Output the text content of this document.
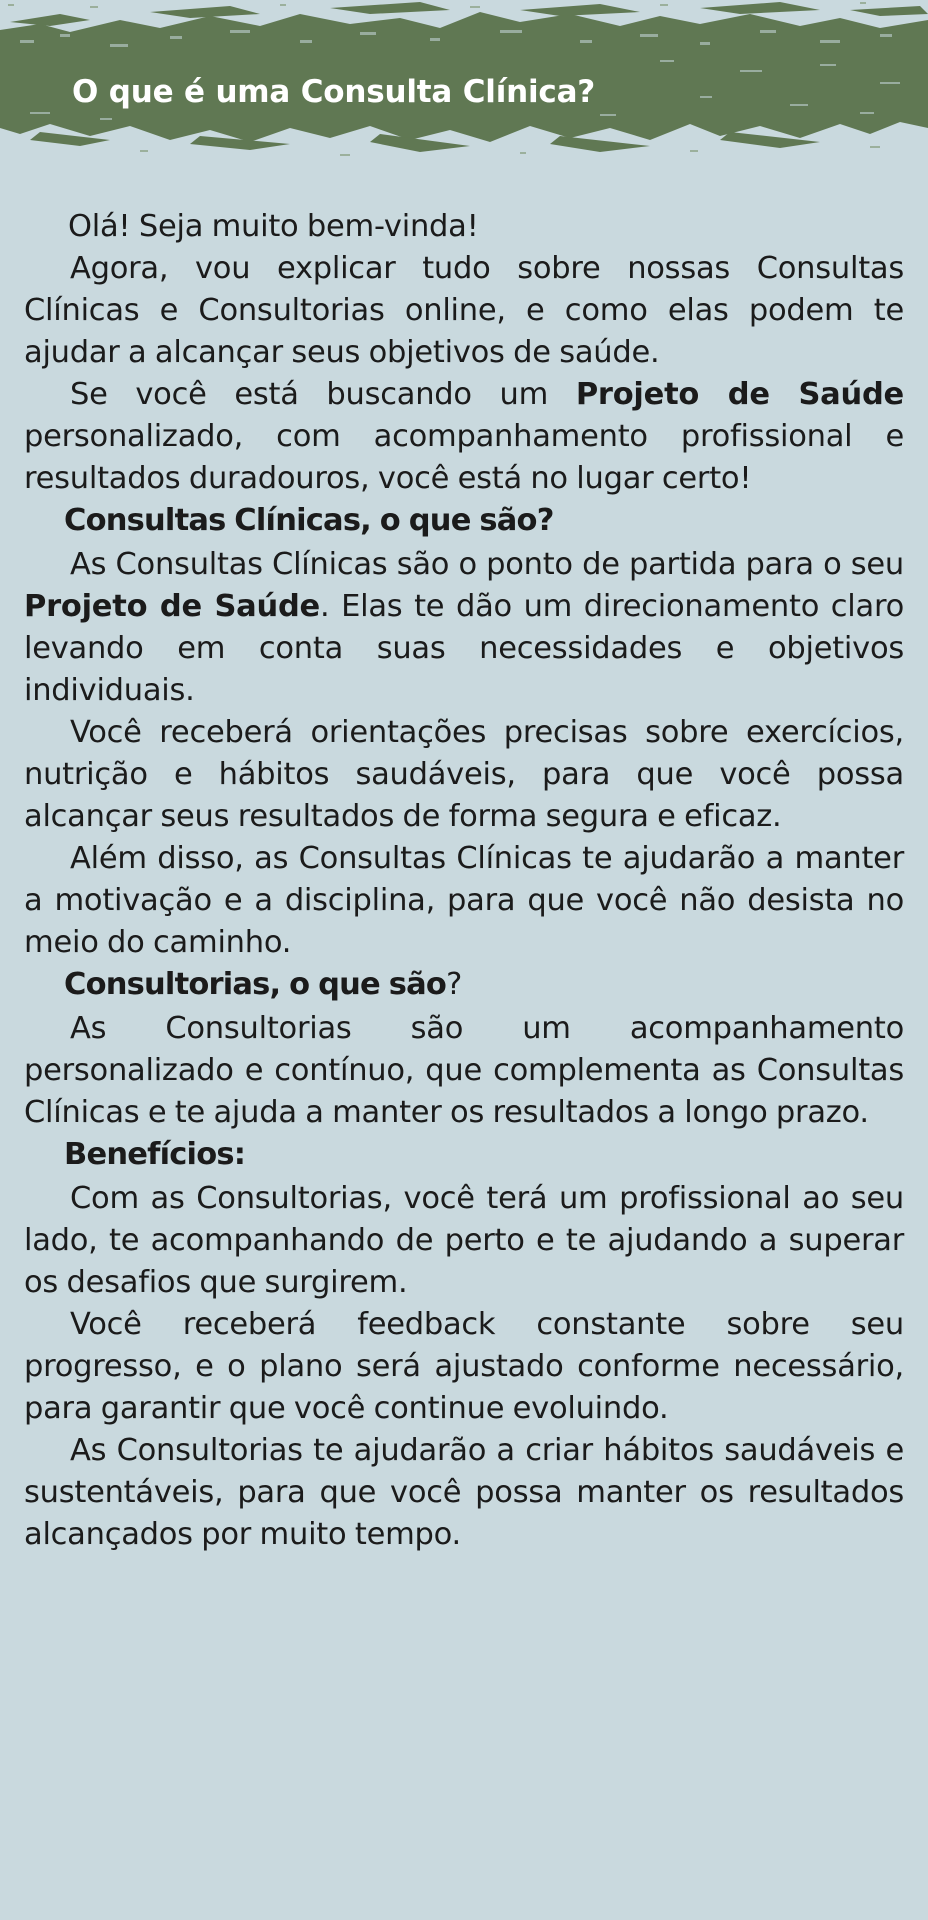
O que é uma Consulta Clínica?

Olá! Seja muito bem-vinda!

Agora, vou explicar tudo sobre nossas Consultas Clínicas e Consultorias online, e como elas podem te ajudar a alcançar seus objetivos de saúde.

Se você está buscando um Projeto de Saúde personalizado, com acompanhamento profissional e resultados duradouros, você está no lugar certo!

Consultas Clínicas, o que são?

As Consultas Clínicas são o ponto de partida para o seu Projeto de Saúde. Elas te dão um direcionamento claro levando em conta suas necessidades e objetivos individuais.

Você receberá orientações precisas sobre exercícios, nutrição e hábitos saudáveis, para que você possa alcançar seus resultados de forma segura e eficaz.

Além disso, as Consultas Clínicas te ajudarão a manter a motivação e a disciplina, para que você não desista no meio do caminho.

Consultorias, o que são?

As Consultorias são um acompanhamento personalizado e contínuo, que complementa as Consultas Clínicas e te ajuda a manter os resultados a longo prazo.

Benefícios:

Com as Consultorias, você terá um profissional ao seu lado, te acompanhando de perto e te ajudando a superar os desafios que surgirem.

Você receberá feedback constante sobre seu progresso, e o plano será ajustado conforme necessário, para garantir que você continue evoluindo.

As Consultorias te ajudarão a criar hábitos saudáveis e sustentáveis, para que você possa manter os resultados alcançados por muito tempo.
